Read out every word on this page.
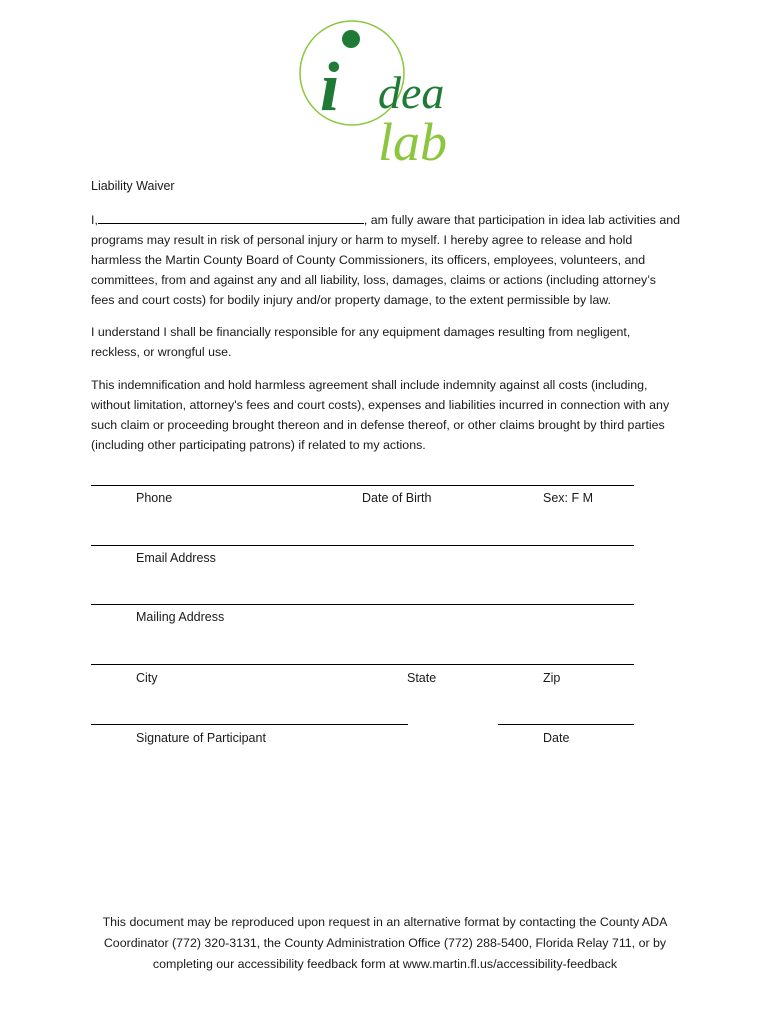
i dea
lab
Liability Waiver
I,	, am fully aware that participation in idea lab activities and programs may result in risk of personal injury or harm to myself. I hereby agree to release and hold harmless the Martin County Board of County Commissioners, its officers, employees, volunteers, and committees, from and against any and all liability, loss, damages, claims or actions (including attorney’s fees and court costs) for bodily injury and/or property damage, to the extent permissible by law.
I understand I shall be financially responsible for any equipment damages resulting from negligent, reckless, or wrongful use.
This indemnification and hold harmless agreement shall include indemnity against all costs (including, without limitation, attorney's fees and court costs), expenses and liabilities incurred in connection with any such claim or proceeding brought thereon and in defense thereof, or other claims brought by third parties (including other participating patrons) if related to my actions.
Phone	Date of Birth	Sex: F M
Email Address
Mailing Address
City	State	Zip
Signature of Participant	Date
This document may be reproduced upon request in an alternative format by contacting the County ADA Coordinator (772) 320-3131, the County Administration Office (772) 288-5400, Florida Relay 711, or by completing our accessibility feedback form at www.martin.fl.us/accessibility-feedback
